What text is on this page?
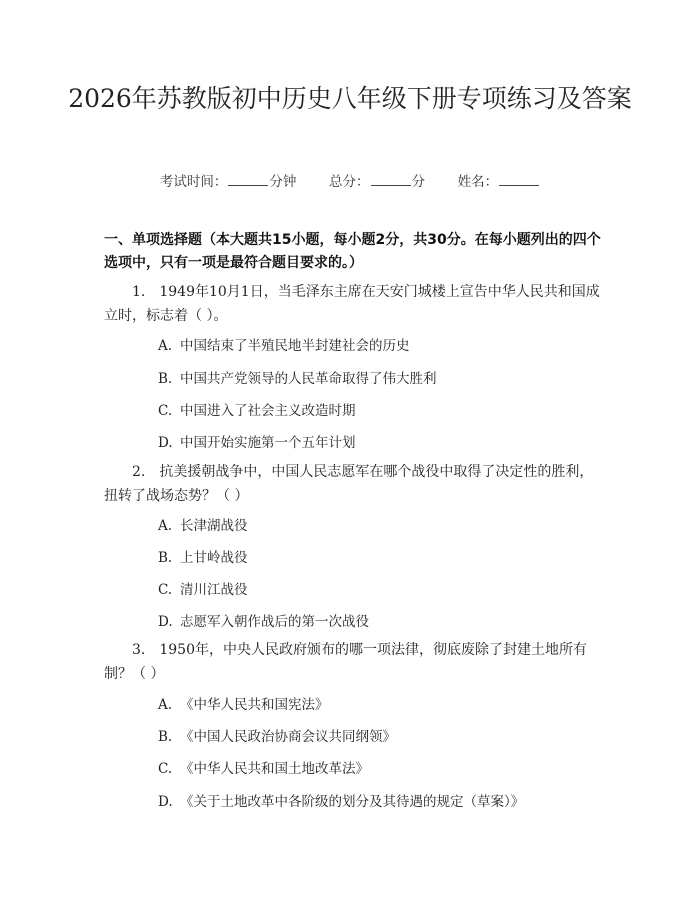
2026年苏教版初中历史八年级下册专项练习及答案
考试时间：	分钟 总分：	分 姓名：
一、单项选择题（本大题共15小题，每小题2分，共30分。在每小题列出的四个选项中，只有一项是最符合题目要求的。）
1.　1949年10月1日，当毛泽东主席在天安门城楼上宣告中华人民共和国成立时，标志着（ ）。
A. 中国结束了半殖民地半封建社会的历史
B. 中国共产党领导的人民革命取得了伟大胜利
C. 中国进入了社会主义改造时期
D. 中国开始实施第一个五年计划
2.　抗美援朝战争中，中国人民志愿军在哪个战役中取得了决定性的胜利，扭转了战场态势？（ ）
A. 长津湖战役
B. 上甘岭战役
C. 清川江战役
D. 志愿军入朝作战后的第一次战役
3.　1950年，中央人民政府颁布的哪一项法律，彻底废除了封建土地所有制？（ ）
A. 《中华人民共和国宪法》
B. 《中国人民政治协商会议共同纲领》
C. 《中华人民共和国土地改革法》
D. 《关于土地改革中各阶级的划分及其待遇的规定（草案）》
